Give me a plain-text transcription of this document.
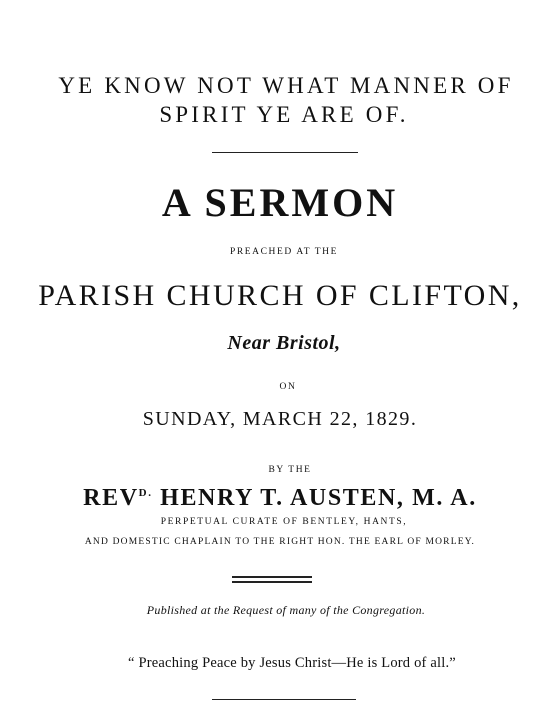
YE KNOW NOT WHAT MANNER OF
SPIRIT YE ARE OF.
A SERMON
PREACHED AT THE
PARISH CHURCH OF CLIFTON,
Near Bristol,
ON
SUNDAY, MARCH 22, 1829.
BY THE
$REV^{D.}$ HENRY T. AUSTEN, M. A.
PERPETUAL CURATE OF BENTLEY, HANTS,
AND DOMESTIC CHAPLAIN TO THE RIGHT HON. THE EARL OF MORLEY.
Published at the Request of many of the Congregation.
“ Preaching Peace by Jesus Christ—He is Lord of all.”
